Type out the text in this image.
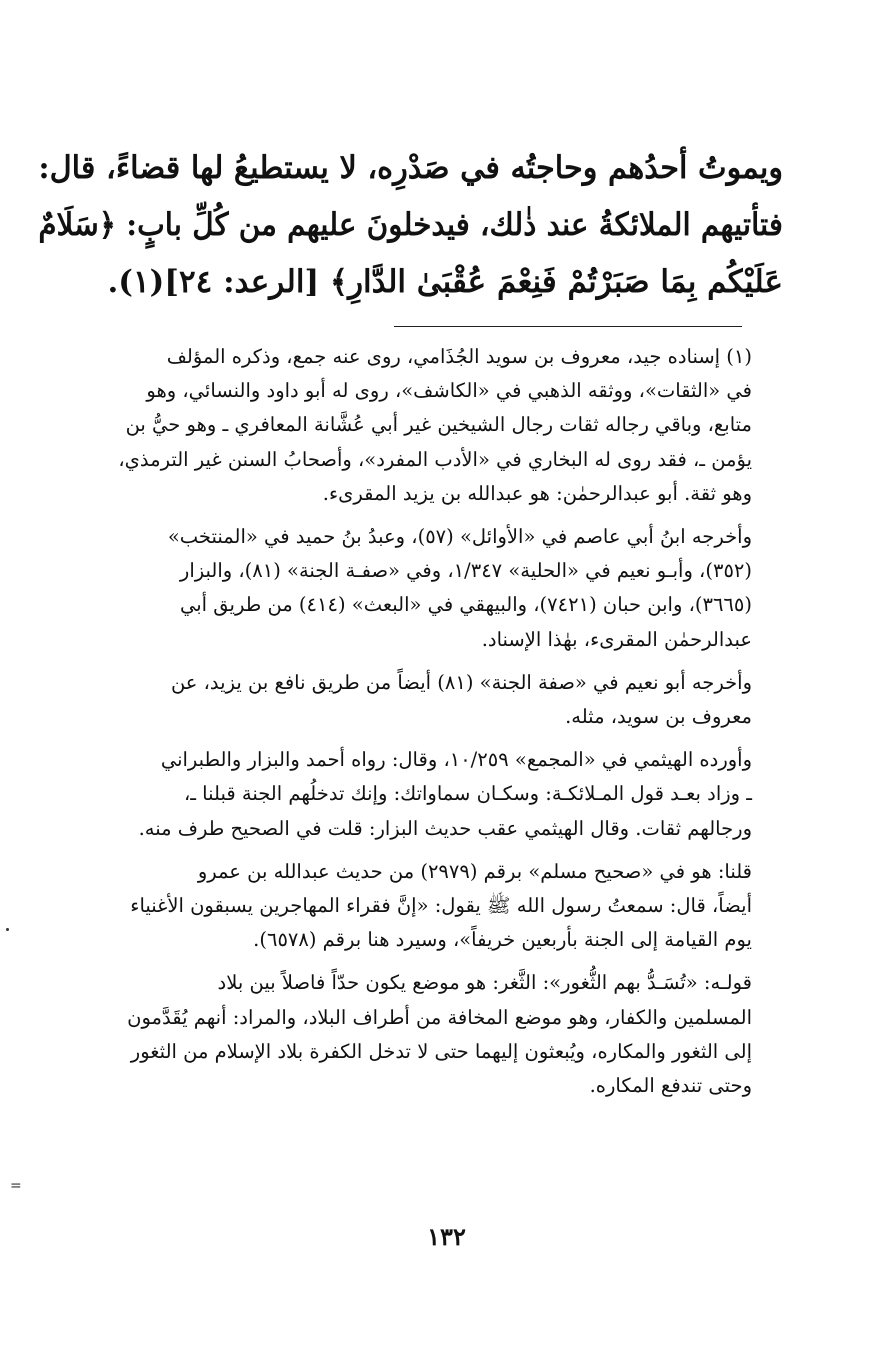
ويموتُ أحدُهم وحاجتُه في صَدْرِه، لا يستطيعُ لها قضاءً، قال:
فتأتيهم الملائكةُ عند ذٰلك، فيدخلونَ عليهم من كُلِّ بابٍ: ﴿سَلَامٌ
عَلَيْكُم بِمَا صَبَرْتُمْ فَنِعْمَ عُقْبَىٰ الدَّارِ﴾ [الرعد: ٢٤](١).
(١) إسناده جيد، معروف بن سويد الجُذَامي، روى عنه جمع، وذكره المؤلف
في «الثقات»، ووثقه الذهبي في «الكاشف»، روى له أبو داود والنسائي، وهو
متابع، وباقي رجاله ثقات رجال الشيخين غير أبي عُشَّانة المعافري ـ وهو حيُّ بن
يؤمن ـ، فقد روى له البخاري في «الأدب المفرد»، وأصحابُ السنن غير الترمذي،
وهو ثقة. أبو عبدالرحمٰن: هو عبدالله بن يزيد المقرىء.
وأخرجه ابنُ أبي عاصم في «الأوائل» (٥٧)، وعبدُ بنُ حميد في «المنتخب»
(٣٥٢)، وأبـو نعيم في «الحلية» ١/٣٤٧، وفي «صفـة الجنة» (٨١)، والبزار
(٣٦٦٥)، وابن حبان (٧٤٢١)، والبيهقي في «البعث» (٤١٤) من طريق أبي
عبدالرحمٰن المقرىء، بهٰذا الإسناد.
وأخرجه أبو نعيم في «صفة الجنة» (٨١) أيضاً من طريق نافع بن يزيد، عن
معروف بن سويد، مثله.
وأورده الهيثمي في «المجمع» ١٠/٢٥٩، وقال: رواه أحمد والبزار والطبراني
ـ وزاد بعـد قول المـلائكـة: وسكـان سماواتك: وإنك تدخلُهم الجنة قبلنا ـ،
ورجالهم ثقات. وقال الهيثمي عقب حديث البزار: قلت في الصحيح طرف منه.
قلنا: هو في «صحيح مسلم» برقم (٢٩٧٩) من حديث عبدالله بن عمرو
أيضاً، قال: سمعتُ رسول الله ﷺ يقول: «إنَّ فقراء المهاجرين يسبقون الأغنياء
يوم القيامة إلى الجنة بأربعين خريفاً»، وسيرد هنا برقم (٦٥٧٨).
قولـه: «تُسَـدُّ بهم الثُّغور»: الثَّغر: هو موضع يكون حدّاً فاصلاً بين بلاد
المسلمين والكفار، وهو موضع المخافة من أطراف البلاد، والمراد: أنهم يُقَدَّمون
إلى الثغور والمكاره، ويُبعثون إليهما حتى لا تدخل الكفرة بلاد الإسلام من الثغور
وحتى تندفع المكاره.
١٣٢
=
